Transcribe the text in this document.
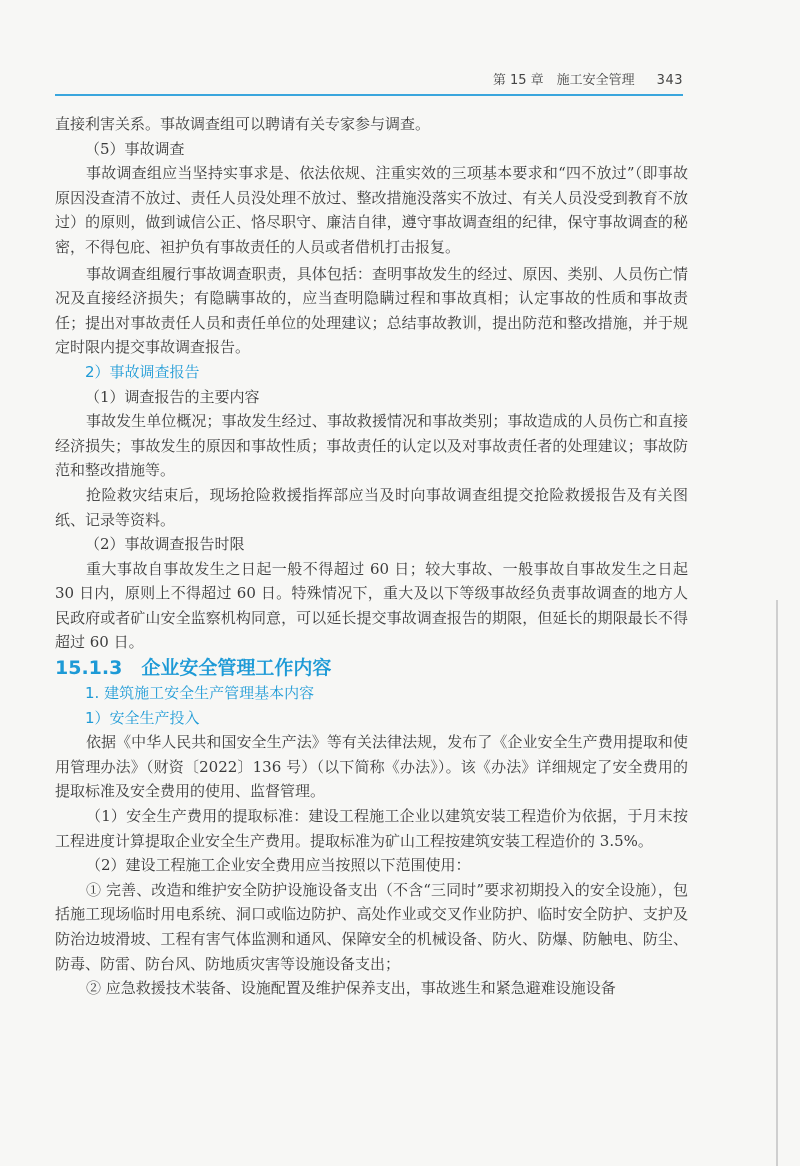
第 15 章　施工安全管理 343

直接利害关系。事故调查组可以聘请有关专家参与调查。

（5）事故调查

事故调查组应当坚持实事求是、依法依规、注重实效的三项基本要求和“四不放过”（即事故原因没查清不放过、责任人员没处理不放过、整改措施没落实不放过、有关人员没受到教育不放过）的原则，做到诚信公正、恪尽职守、廉洁自律，遵守事故调查组的纪律，保守事故调查的秘密，不得包庇、袒护负有事故责任的人员或者借机打击报复。

事故调查组履行事故调查职责，具体包括：查明事故发生的经过、原因、类别、人员伤亡情况及直接经济损失；有隐瞒事故的，应当查明隐瞒过程和事故真相；认定事故的性质和事故责任；提出对事故责任人员和责任单位的处理建议；总结事故教训，提出防范和整改措施，并于规定时限内提交事故调查报告。

2）事故调查报告

（1）调查报告的主要内容

事故发生单位概况；事故发生经过、事故救援情况和事故类别；事故造成的人员伤亡和直接经济损失；事故发生的原因和事故性质；事故责任的认定以及对事故责任者的处理建议；事故防范和整改措施等。

抢险救灾结束后，现场抢险救援指挥部应当及时向事故调查组提交抢险救援报告及有关图纸、记录等资料。

（2）事故调查报告时限

重大事故自事故发生之日起一般不得超过 60 日；较大事故、一般事故自事故发生之日起 30 日内，原则上不得超过 60 日。特殊情况下，重大及以下等级事故经负责事故调查的地方人民政府或者矿山安全监察机构同意，可以延长提交事故调查报告的期限，但延长的期限最长不得超过 60 日。

15.1.3　企业安全管理工作内容

1. 建筑施工安全生产管理基本内容

1）安全生产投入

依据《中华人民共和国安全生产法》等有关法律法规，发布了《企业安全生产费用提取和使用管理办法》（财资〔2022〕136 号）（以下简称《办法》）。该《办法》详细规定了安全费用的提取标准及安全费用的使用、监督管理。

（1）安全生产费用的提取标准：建设工程施工企业以建筑安装工程造价为依据，于月末按工程进度计算提取企业安全生产费用。提取标准为矿山工程按建筑安装工程造价的 3.5%。

（2）建设工程施工企业安全费用应当按照以下范围使用：

① 完善、改造和维护安全防护设施设备支出（不含“三同时”要求初期投入的安全设施），包括施工现场临时用电系统、洞口或临边防护、高处作业或交叉作业防护、临时安全防护、支护及防治边坡滑坡、工程有害气体监测和通风、保障安全的机械设备、防火、防爆、防触电、防尘、防毒、防雷、防台风、防地质灾害等设施设备支出；

② 应急救援技术装备、设施配置及维护保养支出，事故逃生和紧急避难设施设备
